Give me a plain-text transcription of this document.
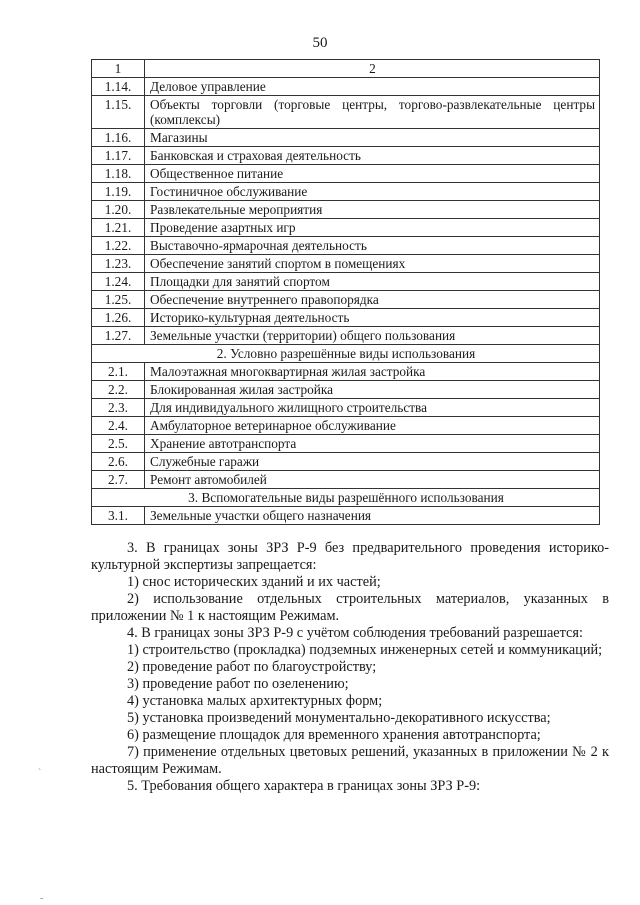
50
1	2
1.14.	Деловое управление
1.15.	Объекты торговли (торговые центры, торгово-развлекательные центры (комплексы)
1.16.	Магазины
1.17.	Банковская и страховая деятельность
1.18.	Общественное питание
1.19.	Гостиничное обслуживание
1.20.	Развлекательные мероприятия
1.21.	Проведение азартных игр
1.22.	Выставочно-ярмарочная деятельность
1.23.	Обеспечение занятий спортом в помещениях
1.24.	Площадки для занятий спортом
1.25.	Обеспечение внутреннего правопорядка
1.26.	Историко-культурная деятельность
1.27.	Земельные участки (территории) общего пользования
2. Условно разрешённые виды использования	
2.1.	Малоэтажная многоквартирная жилая застройка
2.2.	Блокированная жилая застройка
2.3.	Для индивидуального жилищного строительства
2.4.	Амбулаторное ветеринарное обслуживание
2.5.	Хранение автотранспорта
2.6.	Служебные гаражи
2.7.	Ремонт автомобилей
3. Вспомогательные виды разрешённого использования	
3.1.	Земельные участки общего назначения

3. В границах зоны ЗРЗ Р-9 без предварительного проведения историко-культурной экспертизы запрещается:

1) снос исторических зданий и их частей;

2) использование отдельных строительных материалов, указанных в приложении № 1 к настоящим Режимам.

4. В границах зоны ЗРЗ Р-9 с учётом соблюдения требований разрешается:

1) строительство (прокладка) подземных инженерных сетей и коммуникаций;

2) проведение работ по благоустройству;

3) проведение работ по озеленению;

4) установка малых архитектурных форм;

5) установка произведений монументально-декоративного искусства;

6) размещение площадок для временного хранения автотранспорта;

7) применение отдельных цветовых решений, указанных в приложении № 2 к настоящим Режимам.

5. Требования общего характера в границах зоны ЗРЗ Р-9:

`
-
